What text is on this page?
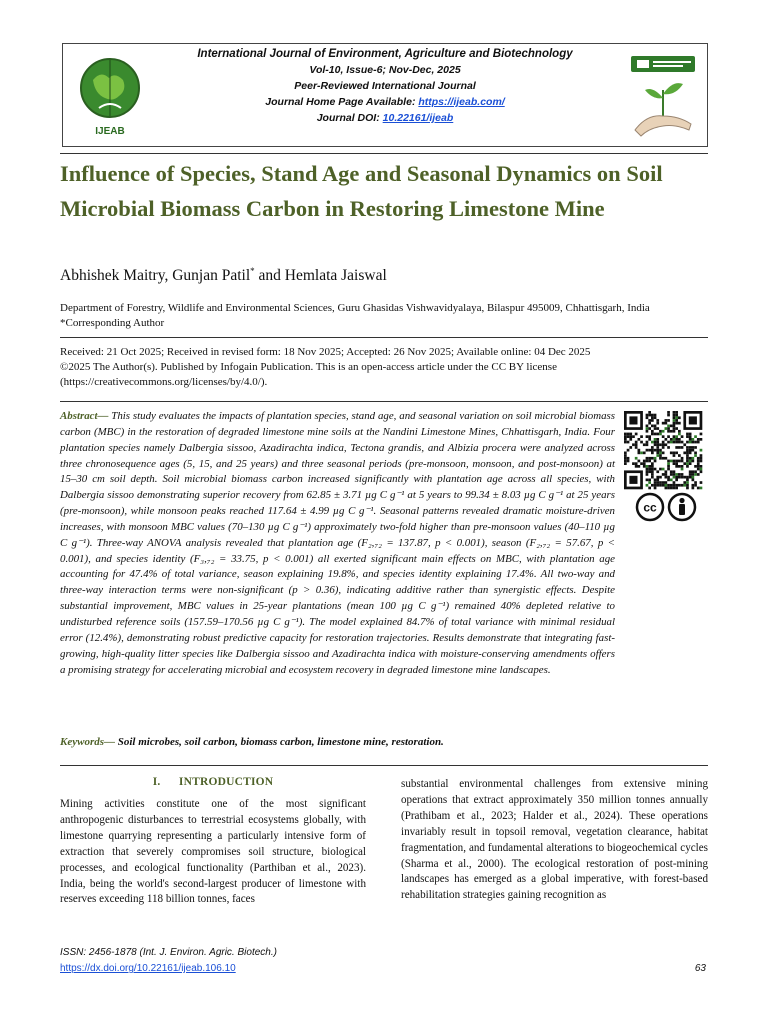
IJEAB
International Journal of Environment, Agriculture and Biotechnology
Vol-10, Issue-6; Nov-Dec, 2025
Peer-Reviewed International Journal
Journal Home Page Available: https://ijeab.com/
Journal DOI: 10.22161/ijeab
Influence of Species, Stand Age and Seasonal Dynamics on Soil Microbial Biomass Carbon in Restoring Limestone Mine
Abhishek Maitry, Gunjan Patil* and Hemlata Jaiswal
Department of Forestry, Wildlife and Environmental Sciences, Guru Ghasidas Vishwavidyalaya, Bilaspur 495009, Chhattisgarh, India
*Corresponding Author
Received: 21 Oct 2025; Received in revised form: 18 Nov 2025; Accepted: 26 Nov 2025; Available online: 04 Dec 2025
©2025 The Author(s). Published by Infogain Publication. This is an open-access article under the CC BY license
(https://creativecommons.org/licenses/by/4.0/).

Abstract— This study evaluates the impacts of plantation species, stand age, and seasonal variation on soil microbial biomass carbon (MBC) in the restoration of degraded limestone mine soils at the Nandini Limestone Mines, Chhattisgarh, India. Four plantation species namely Dalbergia sissoo, Azadirachta indica, Tectona grandis, and Albizia procera were analyzed across three chronosequence ages (5, 15, and 25 years) and three seasonal periods (pre-monsoon, monsoon, and post-monsoon) at 15–30 cm soil depth. Soil microbial biomass carbon increased significantly with plantation age across all species, with Dalbergia sissoo demonstrating superior recovery from 62.85 ± 3.71 µg C g⁻¹ at 5 years to 99.34 ± 8.03 µg C g⁻¹ at 25 years (pre-monsoon), while monsoon peaks reached 117.64 ± 4.99 µg C g⁻¹. Seasonal patterns revealed dramatic moisture-driven increases, with monsoon MBC values (70–130 µg C g⁻¹) approximately two-fold higher than pre-monsoon values (40–110 µg C g⁻¹). Three-way ANOVA analysis revealed that plantation age (F₂,₇₂ = 137.87, p < 0.001), season (F₂,₇₂ = 57.67, p < 0.001), and species identity (F₃,₇₂ = 33.75, p < 0.001) all exerted significant main effects on MBC, with plantation age accounting for 47.4% of total variance, season explaining 19.8%, and species identity explaining 17.4%. All two-way and three-way interaction terms were non-significant (p > 0.36), indicating additive rather than synergistic effects. Despite substantial improvement, MBC values in 25-year plantations (mean 100 µg C g⁻¹) remained 40% depleted relative to undisturbed reference soils (157.59–170.56 µg C g⁻¹). The model explained 84.7% of total variance with minimal residual error (12.4%), demonstrating robust predictive capacity for restoration trajectories. Results demonstrate that integrating fast-growing, high-quality litter species like Dalbergia sissoo and Azadirachta indica with moisture-conserving amendments offers a promising strategy for accelerating microbial and ecosystem recovery in degraded limestone mine landscapes.

cc
Keywords— Soil microbes, soil carbon, biomass carbon, limestone mine, restoration.
I.      INTRODUCTION

Mining activities constitute one of the most significant anthropogenic disturbances to terrestrial ecosystems globally, with limestone quarrying representing a particularly intensive form of extraction that severely compromises soil structure, biological processes, and ecological functionality (Parthiban et al., 2023). India, being the world's second-largest producer of limestone with reserves exceeding 118 billion tonnes, faces

substantial environmental challenges from extensive mining operations that extract approximately 350 million tonnes annually (Prathibam et al., 2023; Halder et al., 2024). These operations invariably result in topsoil removal, vegetation clearance, habitat fragmentation, and fundamental alterations to biogeochemical cycles (Sharma et al., 2000). The ecological restoration of post-mining landscapes has emerged as a global imperative, with forest-based rehabilitation strategies gaining recognition as

ISSN: 2456-1878 (Int. J. Environ. Agric. Biotech.)
https://dx.doi.org/10.22161/ijeab.106.10	63
